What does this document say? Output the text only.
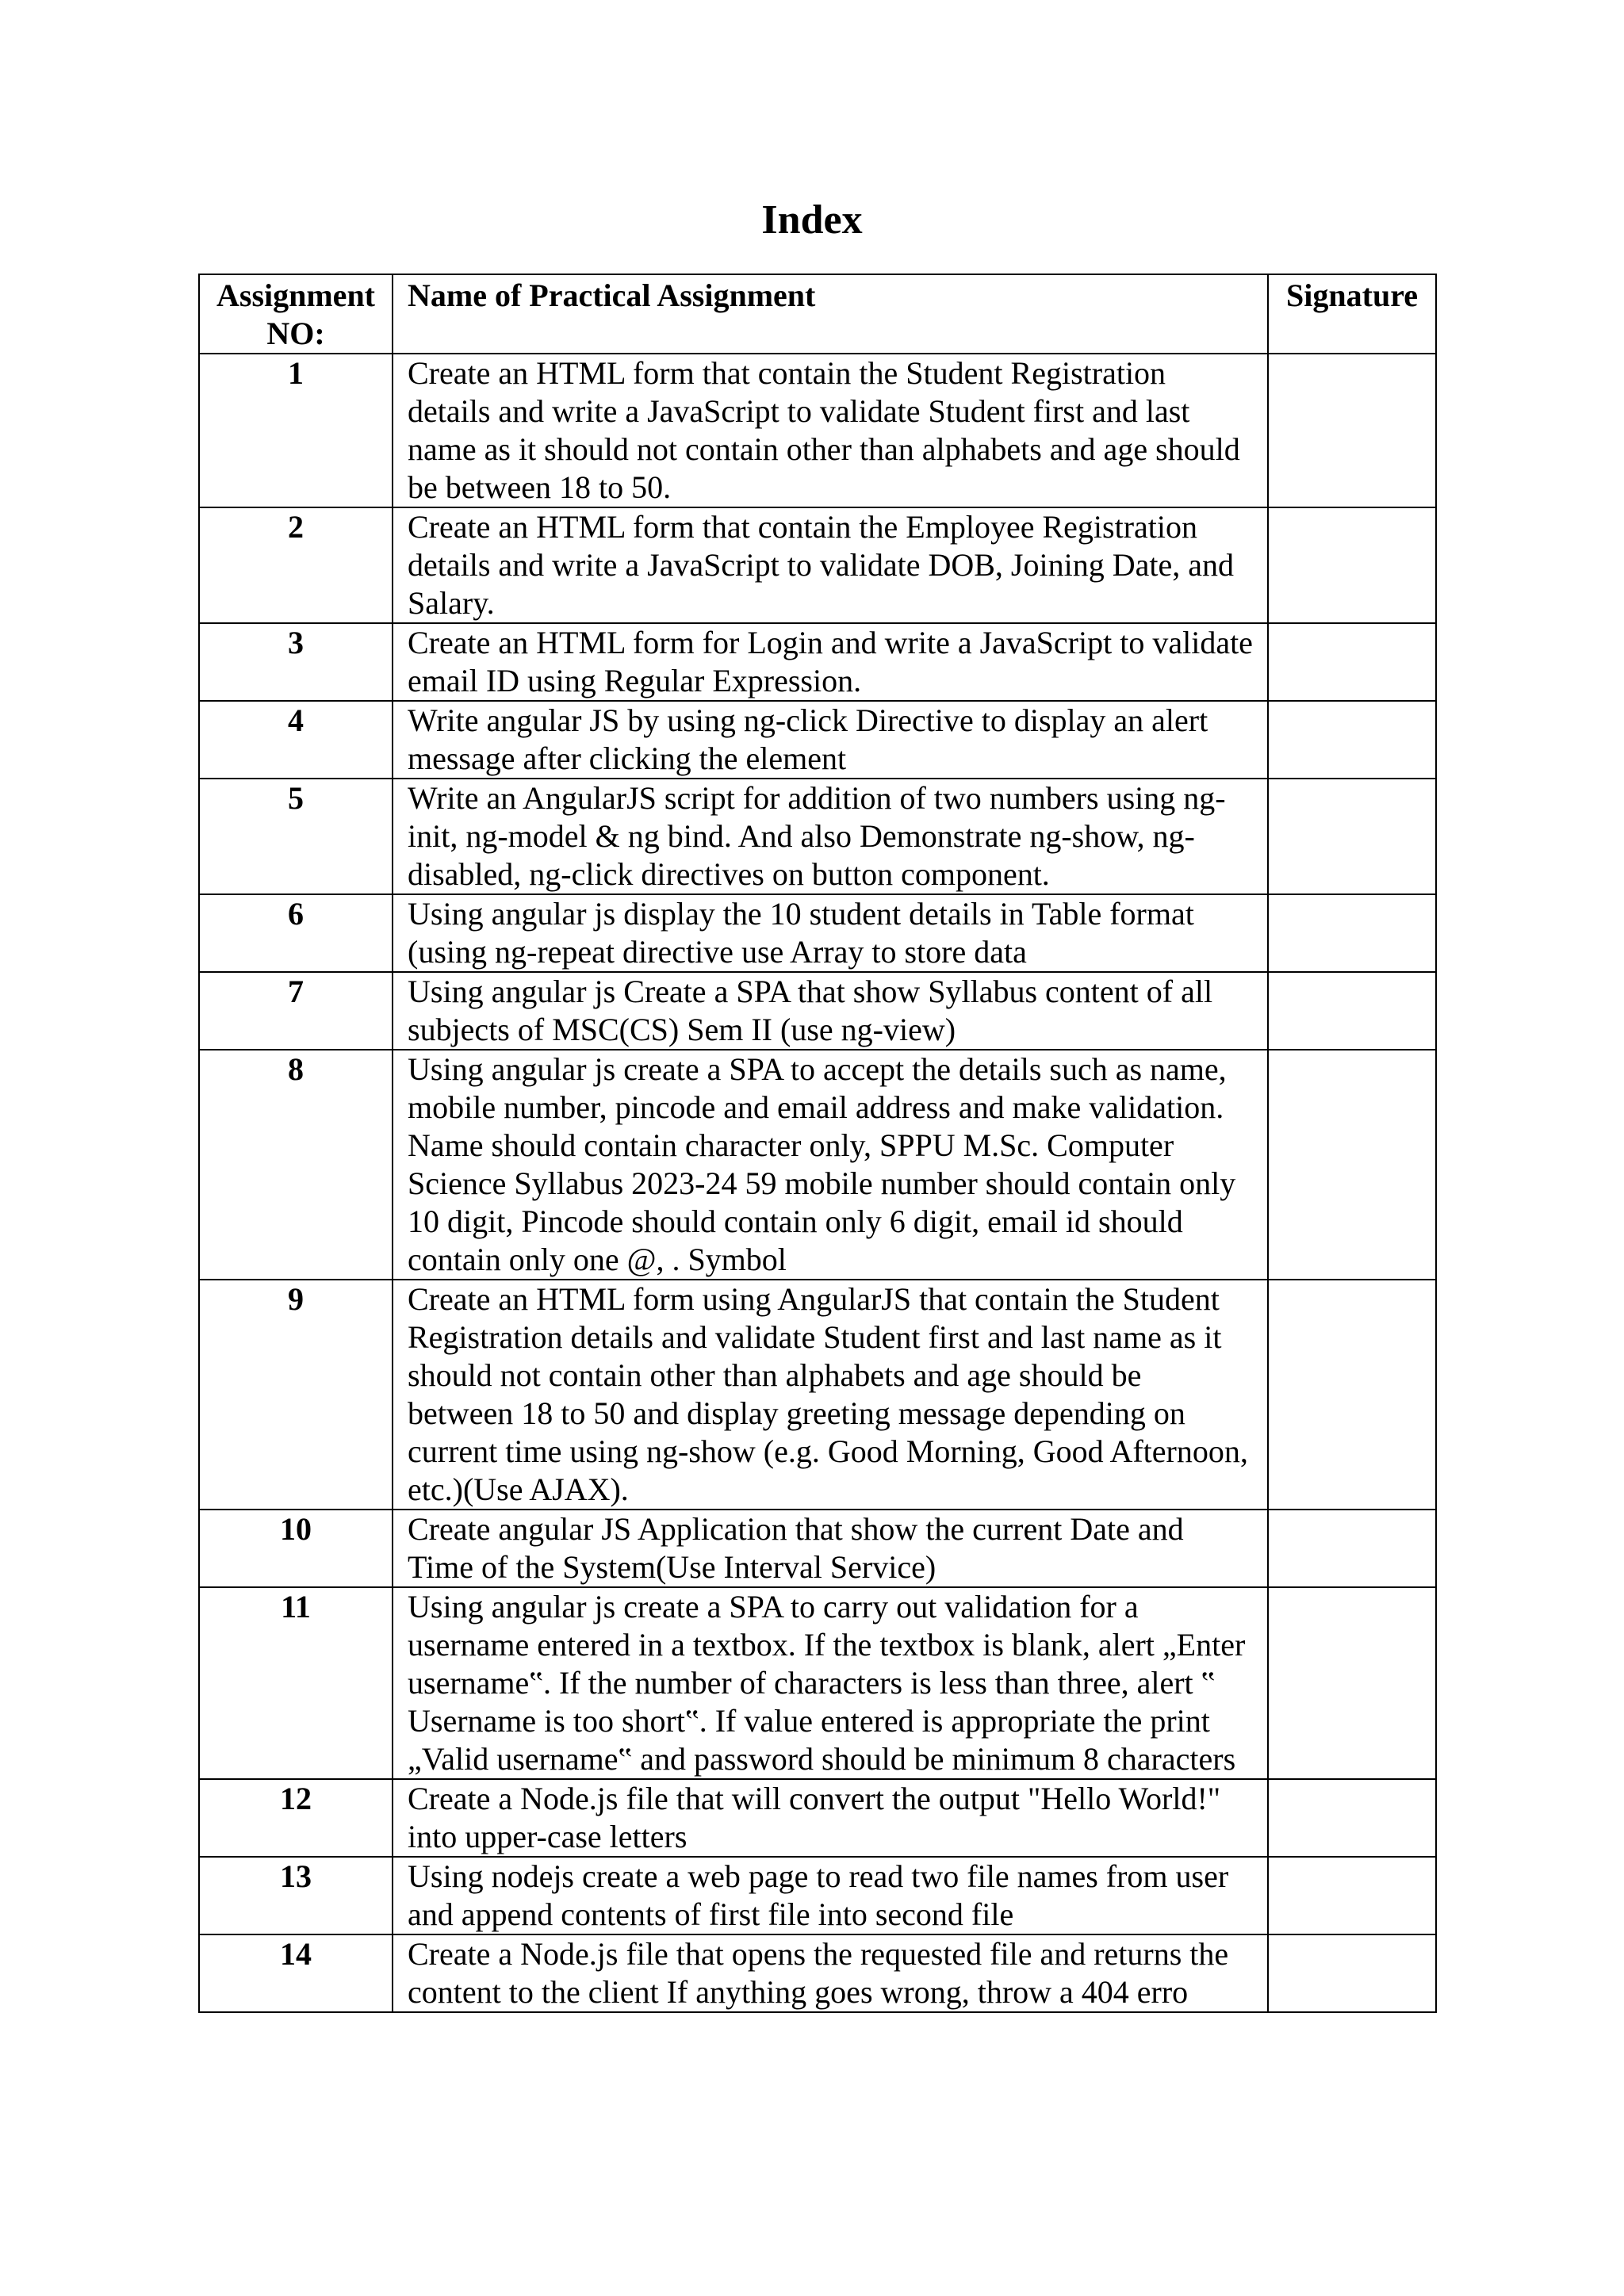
Index
Assignment NO:	Name of Practical Assignment	Signature
1	Create an HTML form that contain the Student Registration details and write a JavaScript to validate Student first and last name as it should not contain other than alphabets and age should be between 18 to 50.	
2	Create an HTML form that contain the Employee Registration details and write a JavaScript to validate DOB, Joining Date, and Salary.	
3	Create an HTML form for Login and write a JavaScript to validate email ID using Regular Expression.	
4	Write angular JS by using ng-click Directive to display an alert message after clicking the element	
5	Write an AngularJS script for addition of two numbers using ng-init, ng-model & ng bind. And also Demonstrate ng-show, ng-disabled, ng-click directives on button component.	
6	Using angular js display the 10 student details in Table format (using ng-repeat directive use Array to store data	
7	Using angular js Create a SPA that show Syllabus content of all subjects of MSC(CS) Sem II (use ng-view)	
8	Using angular js create a SPA to accept the details such as name, mobile number, pincode and email address and make validation. Name should contain character only, SPPU M.Sc. Computer Science Syllabus 2023-24 59 mobile number should contain only 10 digit, Pincode should contain only 6 digit, email id should contain only one @, . Symbol	
9	Create an HTML form using AngularJS that contain the Student Registration details and validate Student first and last name as it should not contain other than alphabets and age should be between 18 to 50 and display greeting message depending on current time using ng-show (e.g. Good Morning, Good Afternoon, etc.)(Use AJAX).	
10	Create angular JS Application that show the current Date and Time of the System(Use Interval Service)	
11	Using angular js create a SPA to carry out validation for a username entered in a textbox. If the textbox is blank, alert „Enter username‟. If the number of characters is less than three, alert ‟ Username is too short‟. If value entered is appropriate the print „Valid username‟ and password should be minimum 8 characters	
12	Create a Node.js file that will convert the output "Hello World!" into upper-case letters	
13	Using nodejs create a web page to read two file names from user and append contents of first file into second file	
14	Create a Node.js file that opens the requested file and returns the content to the client If anything goes wrong, throw a 404 erro	
